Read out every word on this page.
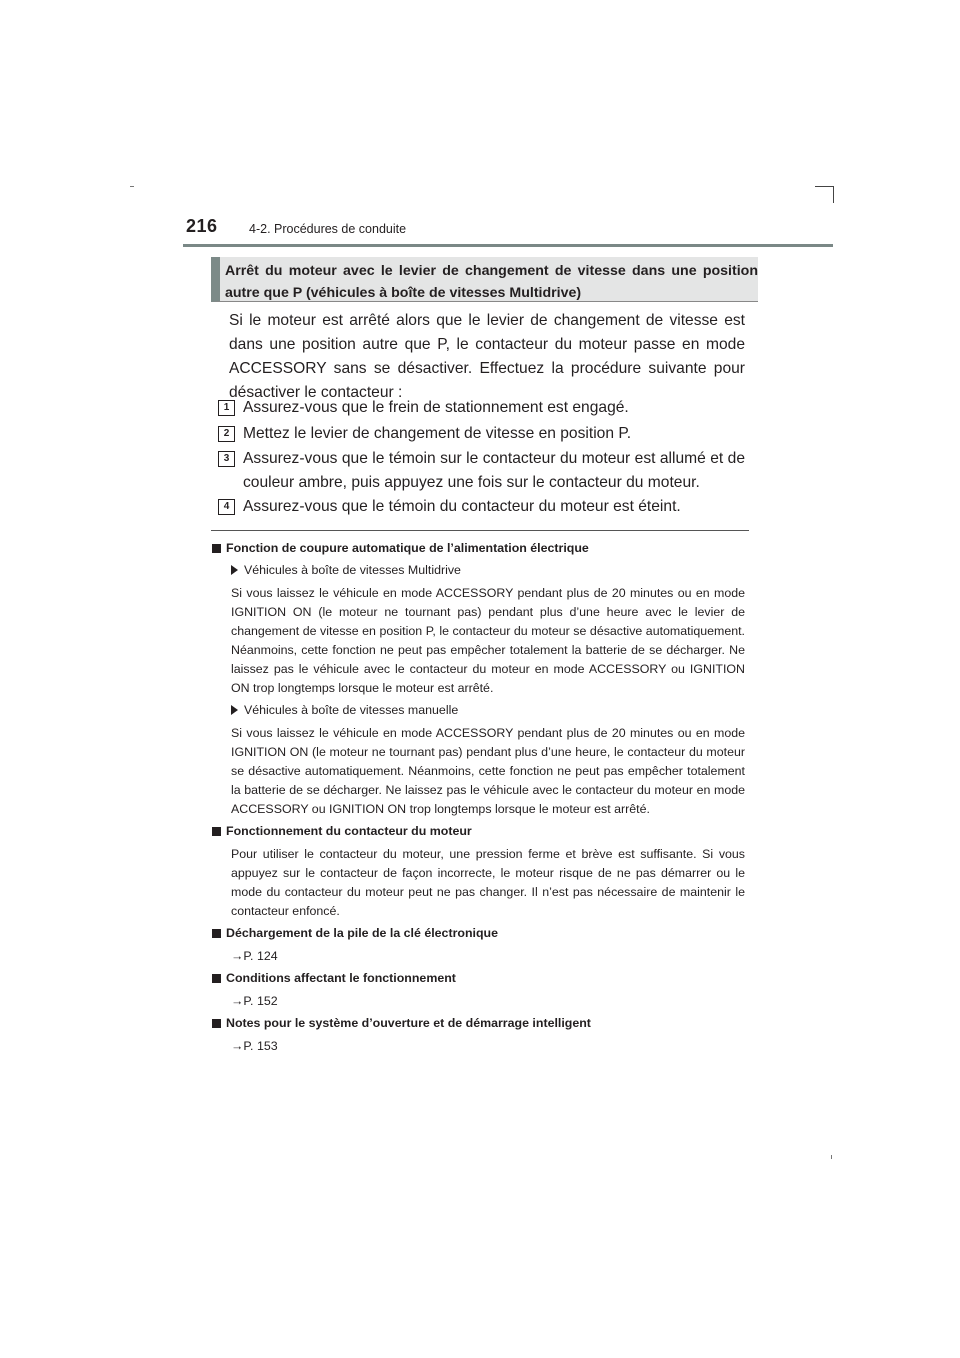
216	4-2. Procédures de conduite
Arrêt du moteur avec le levier de changement de vitesse dans une position autre que P (véhicules à boîte de vitesses Multidrive)
Si le moteur est arrêté alors que le levier de changement de vitesse est dans une position autre que P, le contacteur du moteur passe en mode ACCESSORY sans se désactiver. Effectuez la procédure suivante pour désactiver le contacteur :
1 Assurez-vous que le frein de stationnement est engagé.
2 Mettez le levier de changement de vitesse en position P.
3 Assurez-vous que le témoin sur le contacteur du moteur est allumé et de couleur ambre, puis appuyez une fois sur le contacteur du moteur.
4 Assurez-vous que le témoin du contacteur du moteur est éteint.
Fonction de coupure automatique de l’alimentation électrique
Véhicules à boîte de vitesses Multidrive

Si vous laissez le véhicule en mode ACCESSORY pendant plus de 20 minutes ou en mode IGNITION ON (le moteur ne tournant pas) pendant plus d’une heure avec le levier de changement de vitesse en position P, le contacteur du moteur se désactive automatiquement. Néanmoins, cette fonction ne peut pas empêcher totalement la batterie de se décharger. Ne laissez pas le véhicule avec le contacteur du moteur en mode ACCESSORY ou IGNITION ON trop longtemps lorsque le moteur est arrêté.

Véhicules à boîte de vitesses manuelle

Si vous laissez le véhicule en mode ACCESSORY pendant plus de 20 minutes ou en mode IGNITION ON (le moteur ne tournant pas) pendant plus d’une heure, le contacteur du moteur se désactive automatiquement. Néanmoins, cette fonction ne peut pas empêcher totalement la batterie de se décharger. Ne laissez pas le véhicule avec le contacteur du moteur en mode ACCESSORY ou IGNITION ON trop longtemps lorsque le moteur est arrêté.

Fonctionnement du contacteur du moteur

Pour utiliser le contacteur du moteur, une pression ferme et brève est suffisante. Si vous appuyez sur le contacteur de façon incorrecte, le moteur risque de ne pas démarrer ou le mode du contacteur du moteur peut ne pas changer. Il n’est pas nécessaire de maintenir le contacteur enfoncé.

Déchargement de la pile de la clé électronique
→P. 124
Conditions affectant le fonctionnement
→P. 152
Notes pour le système d’ouverture et de démarrage intelligent
→P. 153
